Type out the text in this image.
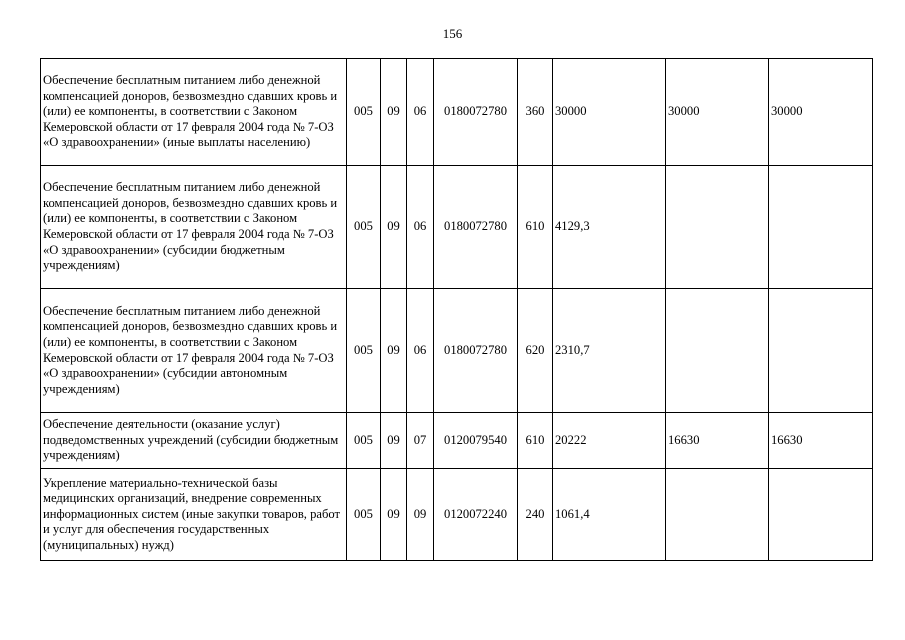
156
Обеспечение бесплатным питанием либо денежной компенсацией доноров, безвозмездно сдавших кровь и (или) ее компоненты, в соответствии с Законом Кемеровской области от 17 февраля 2004 года № 7-ОЗ «О здравоохранении» (иные выплаты населению)	005	09	06	0180072780	360	30000	30000	30000
Обеспечение бесплатным питанием либо денежной компенсацией доноров, безвозмездно сдавших кровь и (или) ее компоненты, в соответствии с Законом Кемеровской области от 17 февраля 2004 года № 7-ОЗ «О здравоохранении» (субсидии бюджетным учреждениям)	005	09	06	0180072780	610	4129,3		
Обеспечение бесплатным питанием либо денежной компенсацией доноров, безвозмездно сдавших кровь и (или) ее компоненты, в соответствии с Законом Кемеровской области от 17 февраля 2004 года № 7-ОЗ «О здравоохранении» (субсидии автономным учреждениям)	005	09	06	0180072780	620	2310,7		
Обеспечение деятельности (оказание услуг) подведомственных учреждений (субсидии бюджетным учреждениям)	005	09	07	0120079540	610	20222	16630	16630
Укрепление материально-технической базы медицинских организаций, внедрение современных информационных систем (иные закупки товаров, работ и услуг для обеспечения государственных (муниципальных) нужд)	005	09	09	0120072240	240	1061,4		
